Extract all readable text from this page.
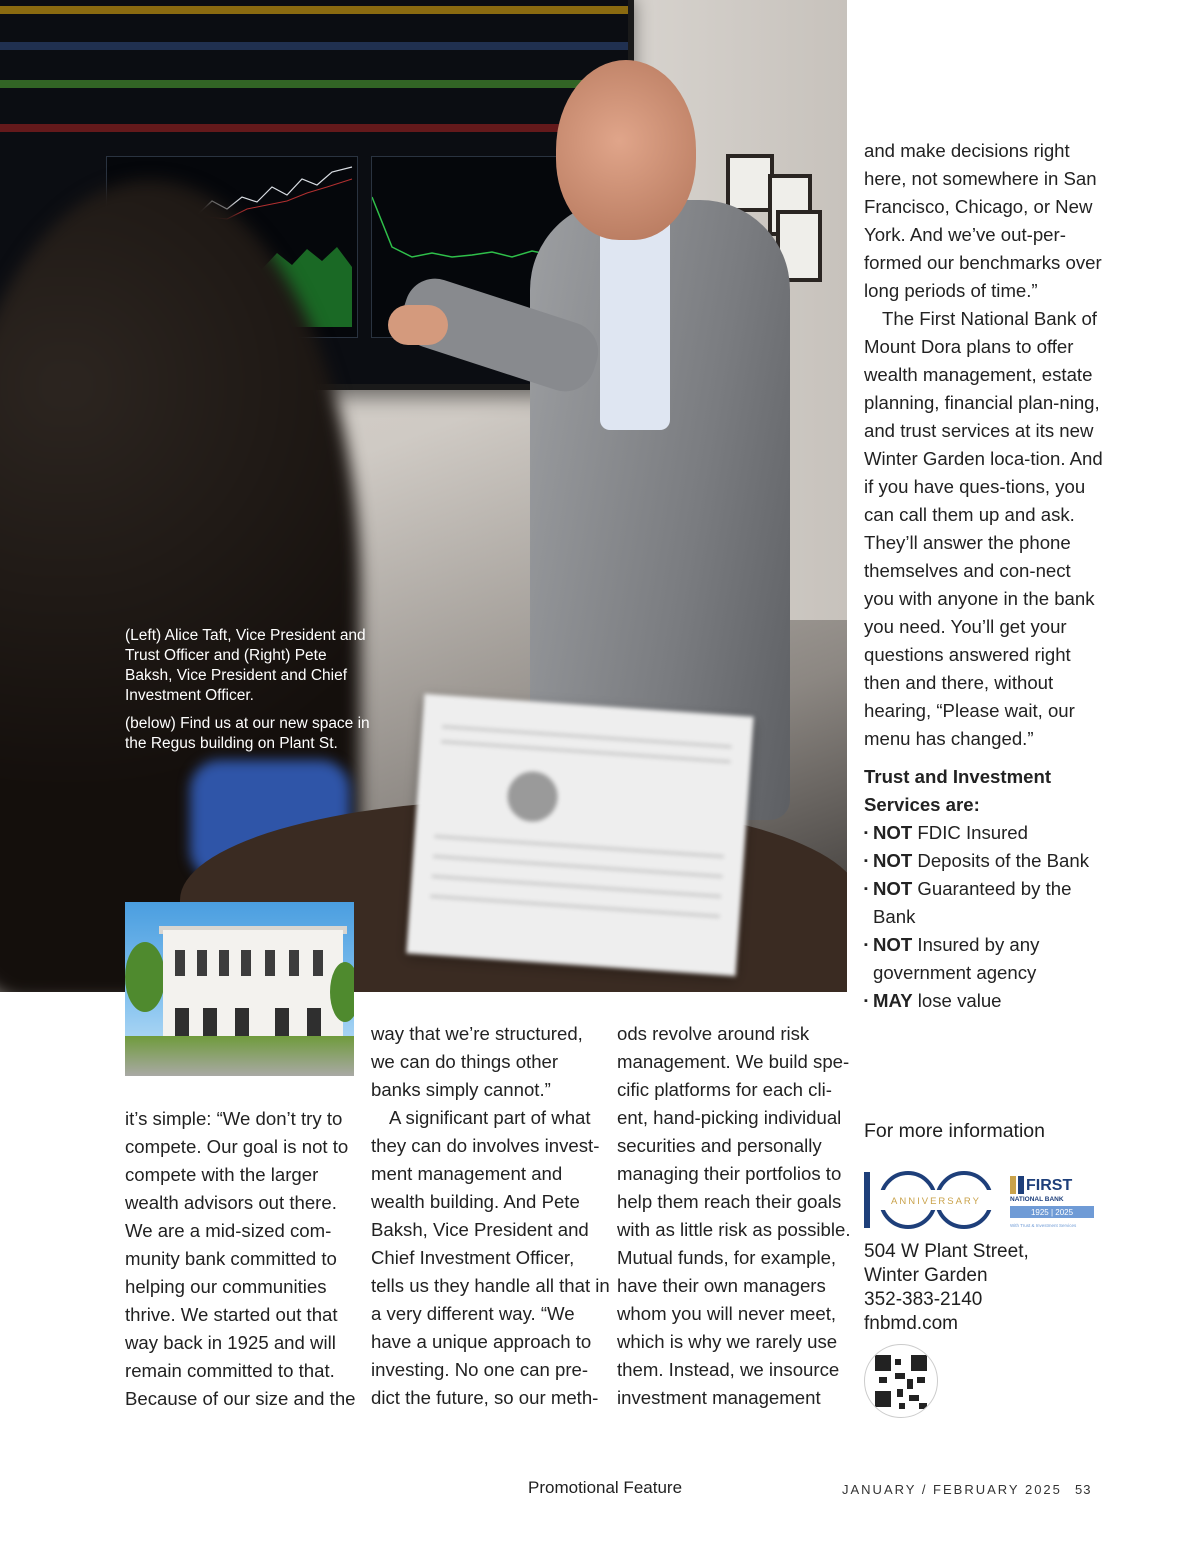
(Left) Alice Taft, Vice President and Trust Officer and (Right) Pete Baksh, Vice President and Chief Investment Officer.

(below) Find us at our new space in the Regus building on Plant St.

it’s simple: “We don’t try to compete. Our goal is not to compete with the larger wealth advisors out there. We are a mid-sized com-munity bank committed to helping our communities thrive. We started out that way back in 1925 and will remain committed to that. Because of our size and the

way that we’re structured, we can do things other banks simply cannot.”

A significant part of what they can do involves invest-ment management and wealth building. And Pete Baksh, Vice President and Chief Investment Officer, tells us they handle all that in a very different way. “We have a unique approach to investing. No one can pre-dict the future, so our meth-

ods revolve around risk management. We build spe-cific platforms for each cli-ent, hand-picking individual securities and personally managing their portfolios to help them reach their goals with as little risk as possible. Mutual funds, for example, have their own managers whom you will never meet, which is why we rarely use them. Instead, we insource investment management

and make decisions right here, not somewhere in San Francisco, Chicago, or New York. And we’ve out-per-formed our benchmarks over long periods of time.”

The First National Bank of Mount Dora plans to offer wealth management, estate planning, financial plan-ning, and trust services at its new Winter Garden loca-tion. And if you have ques-tions, you can call them up and ask. They’ll answer the phone themselves and con-nect you with anyone in the bank you need. You’ll get your questions answered right then and there, without hearing, “Please wait, our menu has changed.”

Trust and Investment Services are:
▪ NOT FDIC Insured
▪ NOT Deposits of the Bank
▪ NOT Guaranteed by the Bank
▪ NOT Insured by any government agency
▪ MAY lose value
For more information
ANNIVERSARY
FIRST
NATIONAL BANK
1925 | 2025
With Trust & Investment Services
504 W Plant Street,
Winter Garden
352-383-2140
fnbmd.com
Promotional Feature	JANUARY / FEBRUARY 2025 53
